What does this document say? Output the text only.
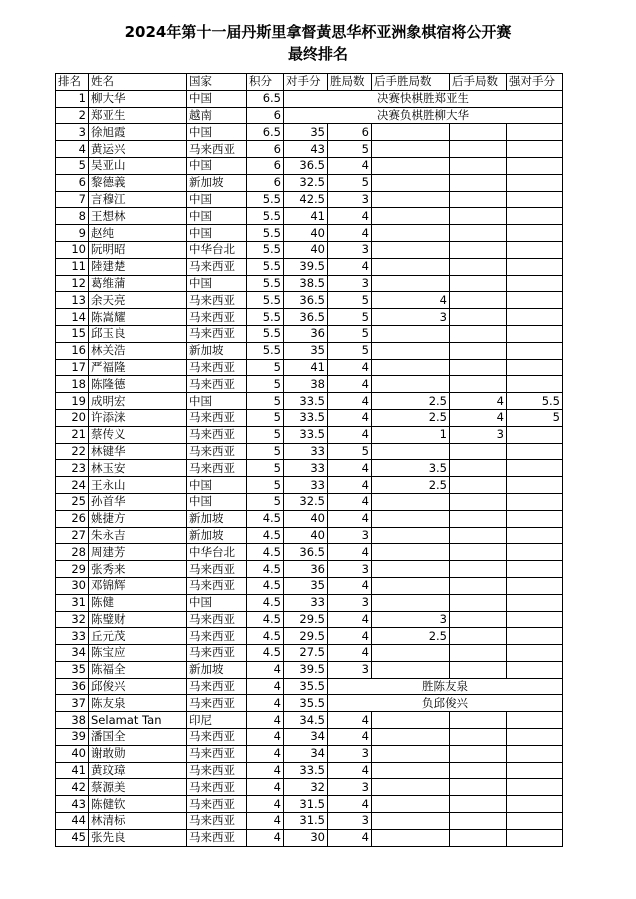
2024年第十一届丹斯里拿督黃思华杯亚洲象棋宿将公开赛
最终排名
排名	姓名	国家	积分	对手分	胜局数	后手胜局数	后手局数	强对手分
1	柳大华	中国	6.5	决赛快棋胜郑亚生				
2	郑亚生	越南	6	决赛负棋胜柳大华				
3	徐旭霞	中国	6.5	35	6			
4	黄运兴	马来西亚	6	43	5			
5	吴亚山	中国	6	36.5	4			
6	黎德義	新加坡	6	32.5	5			
7	言穆江	中国	5.5	42.5	3			
8	王想林	中国	5.5	41	4			
9	赵纯	中国	5.5	40	4			
10	阮明昭	中华台北	5.5	40	3			
11	陸建楚	马来西亚	5.5	39.5	4			
12	葛维蒲	中国	5.5	38.5	3			
13	余天亮	马来西亚	5.5	36.5	5	4		
14	陈嵩耀	马来西亚	5.5	36.5	5	3		
15	邱玉良	马来西亚	5.5	36	5			
16	林关浩	新加坡	5.5	35	5			
17	严福隆	马来西亚	5	41	4			
18	陈隆德	马来西亚	5	38	4			
19	成明宏	中国	5	33.5	4	2.5	4	5.5
20	许添涞	马来西亚	5	33.5	4	2.5	4	5
21	蔡传义	马来西亚	5	33.5	4	1	3	
22	林键华	马来西亚	5	33	5			
23	林玉安	马来西亚	5	33	4	3.5		
24	王永山	中国	5	33	4	2.5		
25	孙首华	中国	5	32.5	4			
26	姚捷方	新加坡	4.5	40	4			
27	朱永吉	新加坡	4.5	40	3			
28	周建芳	中华台北	4.5	36.5	4			
29	张秀来	马来西亚	4.5	36	3			
30	邓锦辉	马来西亚	4.5	35	4			
31	陈健	中国	4.5	33	3			
32	陈璧财	马来西亚	4.5	29.5	4	3		
33	丘元茂	马来西亚	4.5	29.5	4	2.5		
34	陈宝应	马来西亚	4.5	27.5	4			
35	陈福全	新加坡	4	39.5	3			
36	邱俊兴	马来西亚	4	35.5	胜陈友泉			
37	陈友泉	马来西亚	4	35.5	负邱俊兴			
38	Selamat Tan	印尼	4	34.5	4			
39	潘国全	马来西亚	4	34	4			
40	谢敢勋	马来西亚	4	34	3			
41	黄玟璋	马来西亚	4	33.5	4			
42	蔡源美	马来西亚	4	32	3			
43	陈健钦	马来西亚	4	31.5	4			
44	林清标	马来西亚	4	31.5	3			
45	张先良	马来西亚	4	30	4			
